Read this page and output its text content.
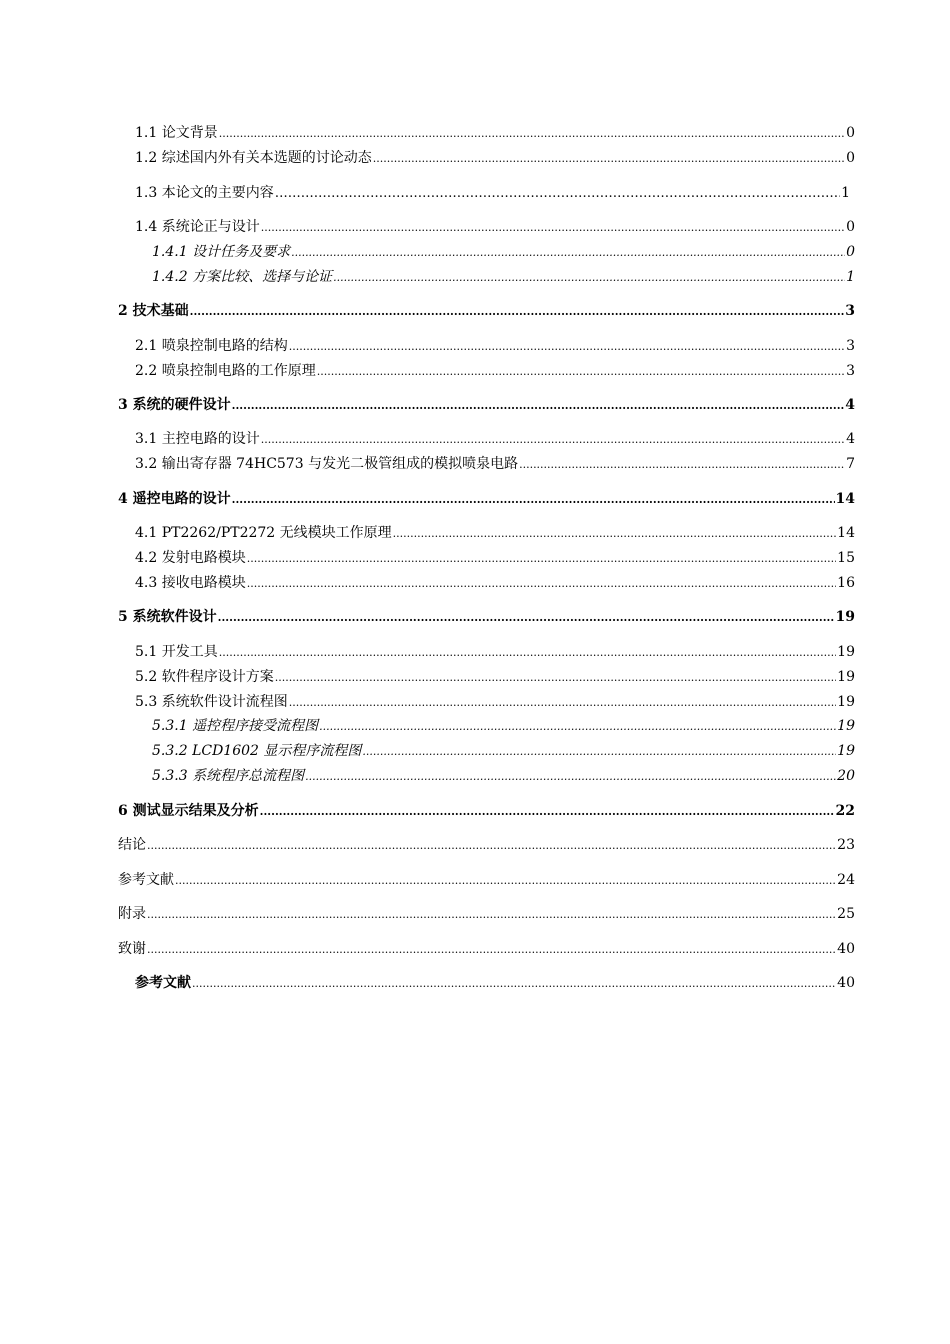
1.1 论文背景 .....	0
1.2 综述国内外有关本选题的讨论动态 .....	0
1.3 本论文的主要内容 ……………………………………………………………………………………………………………………………………………………………………………	1
1.4 系统论正与设计 .....	0
1.4.1 设计任务及要求 .....	0
1.4.2 方案比较、选择与论证 .....	1
2 技术基础 .....	3
2.1 喷泉控制电路的结构 .....	3
2.2 喷泉控制电路的工作原理 .....	3
3 系统的硬件设计 .....	4
3.1 主控电路的设计 .....	4
3.2 输出寄存器 74HC573 与发光二极管组成的模拟喷泉电路 .....	7
4 遥控电路的设计 .....	14
4.1 PT2262/PT2272 无线模块工作原理 .....	14
4.2 发射电路模块 .....	15
4.3 接收电路模块 .....	16
5 系统软件设计 .....	19
5.1 开发工具 .....	19
5.2 软件程序设计方案 .....	19
5.3 系统软件设计流程图 .....	19
5.3.1 遥控程序接受流程图 .....	19
5.3.2 LCD1602 显示程序流程图 .....	19
5.3.3 系统程序总流程图 .....	20
6 测试显示结果及分析 .....	22
结论 .....	23
参考文献 .....	24
附录 .....	25
致谢 .....	40
参考文献 .....	40
